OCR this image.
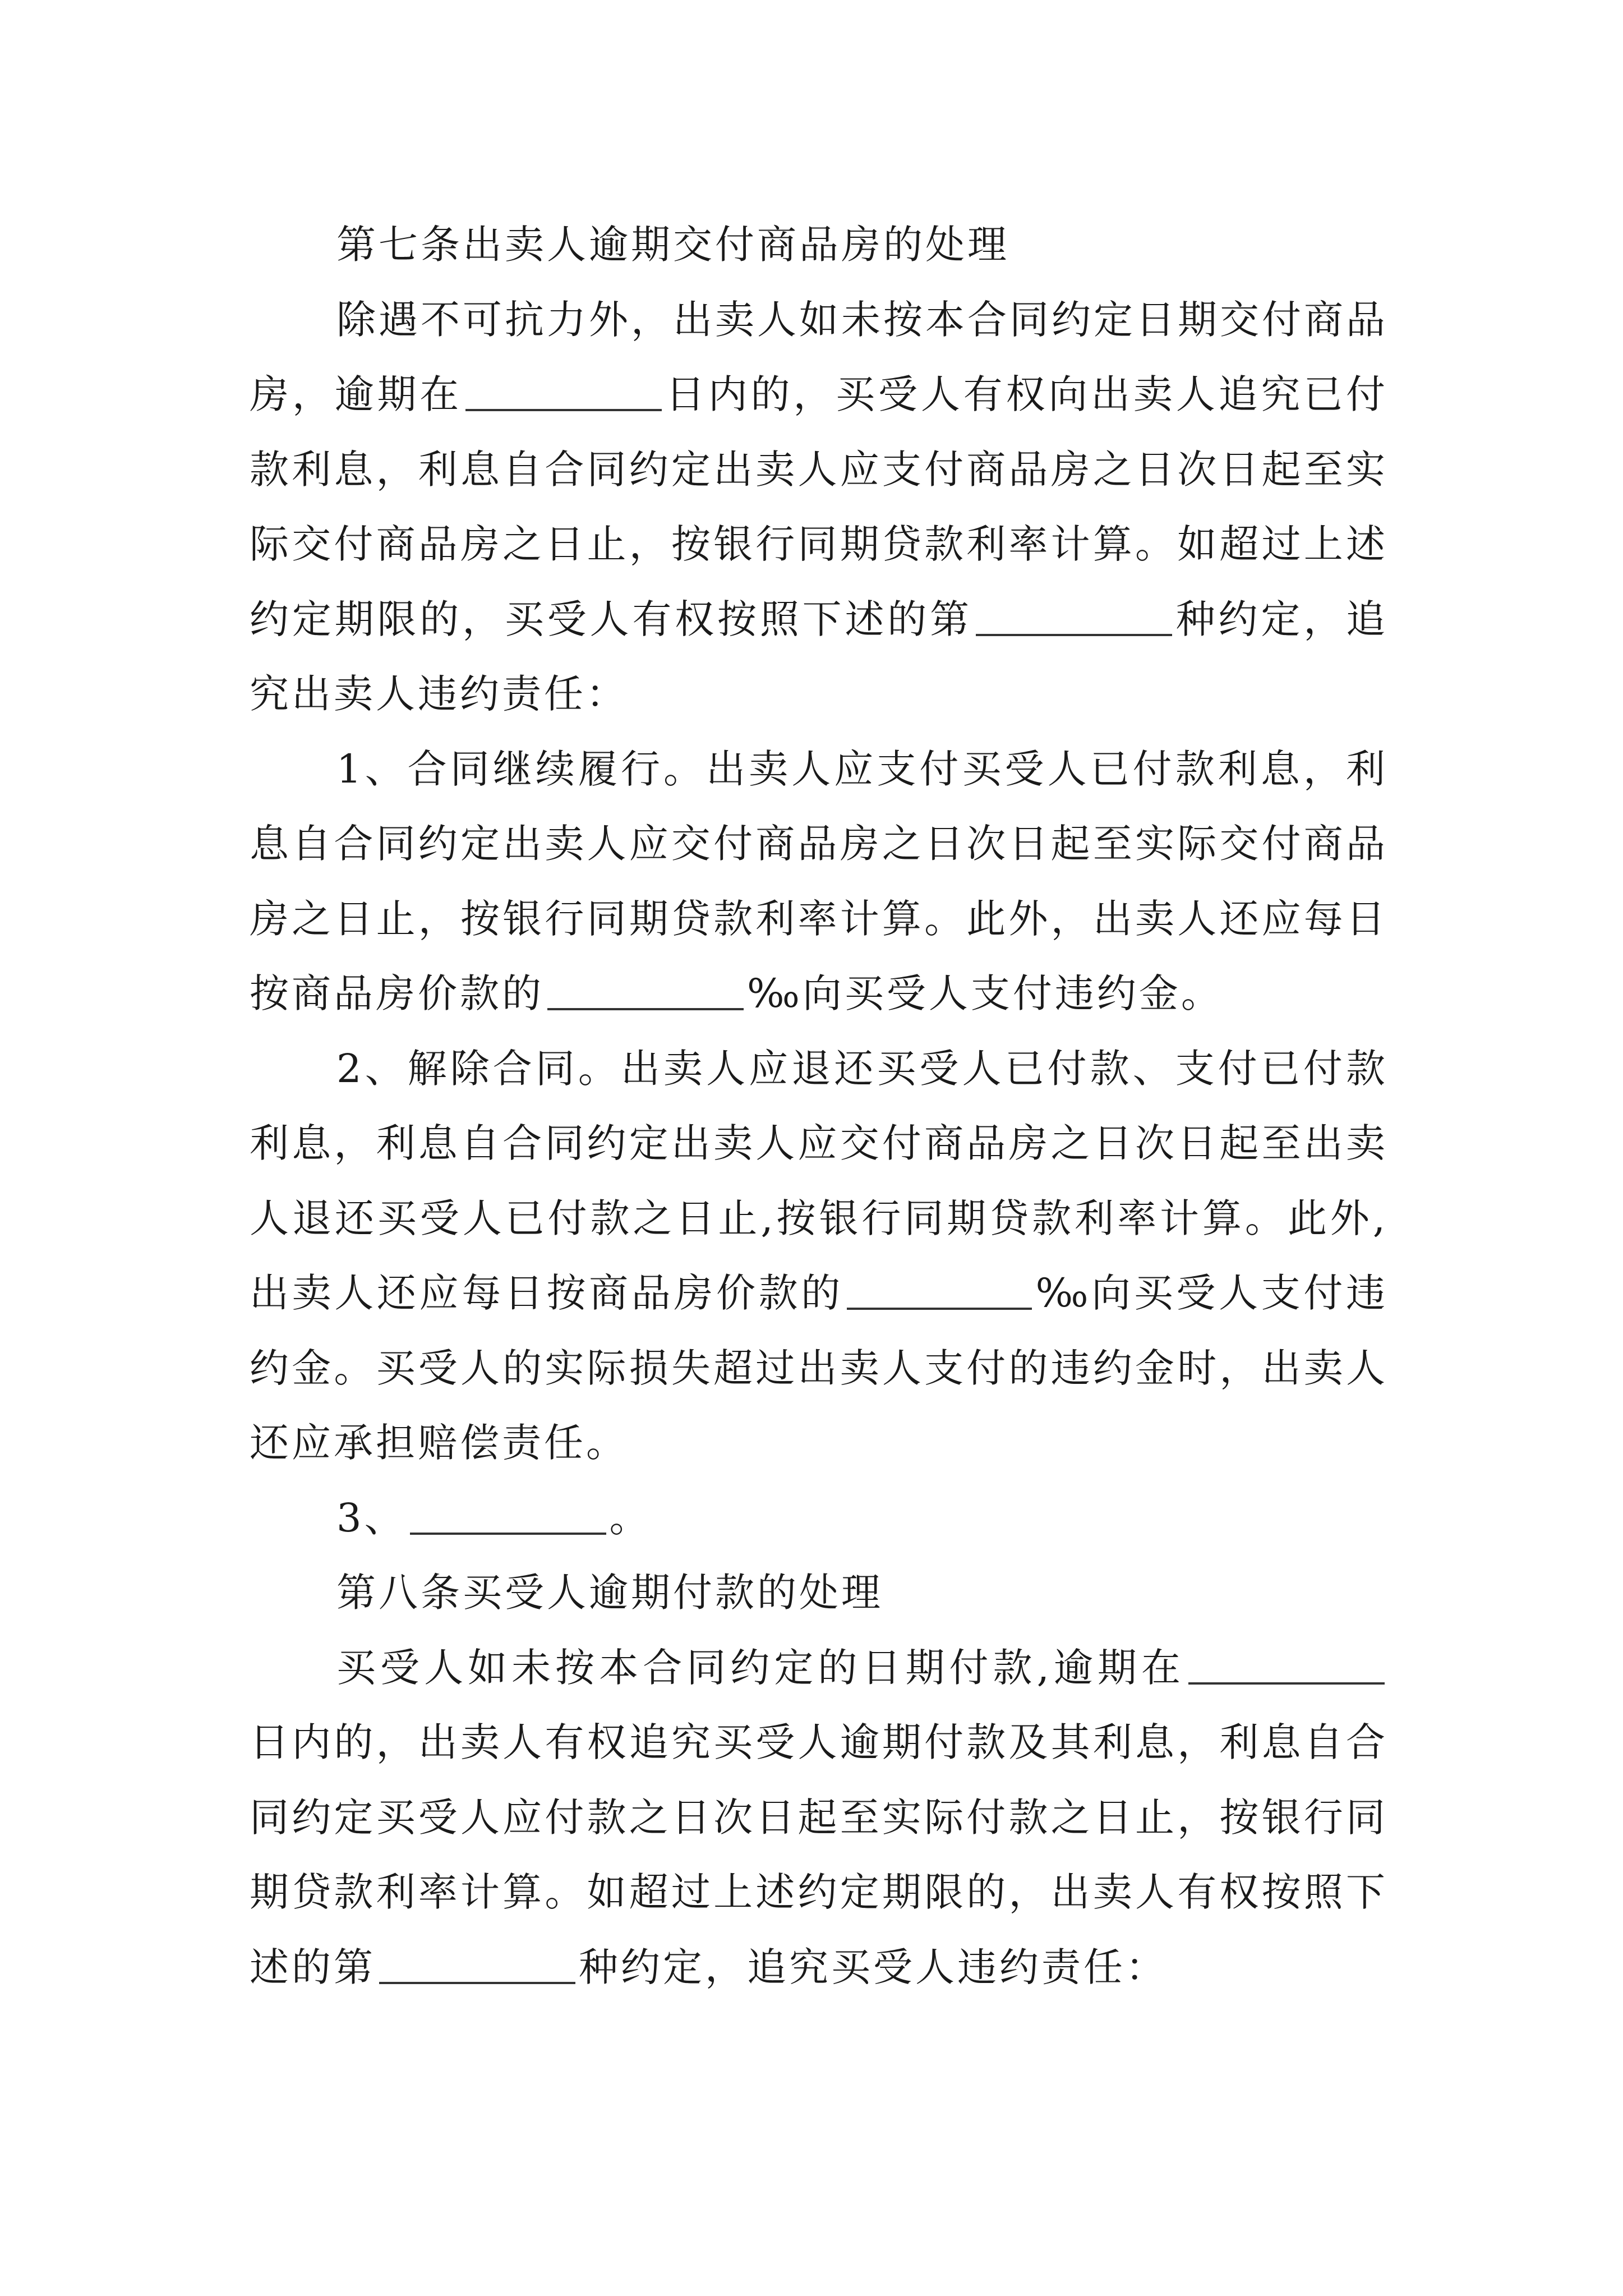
第七条出卖人逾期交付商品房的处理

除遇不可抗力外，出卖人如未按本合同约定日期交付商品房，逾期在	日内的，买受人有权向出卖人追究已付款利息，利息自合同约定出卖人应支付商品房之日次日起至实际交付商品房之日止，按银行同期贷款利率计算。如超过上述约定期限的，买受人有权按照下述的第	种约定，追究出卖人违约责任：

1、合同继续履行。出卖人应支付买受人已付款利息，利息自合同约定出卖人应交付商品房之日次日起至实际交付商品房之日止，按银行同期贷款利率计算。此外，出卖人还应每日按商品房价款的	‰向买受人支付违约金。

2、解除合同。出卖人应退还买受人已付款、支付已付款利息，利息自合同约定出卖人应交付商品房之日次日起至出卖人退还买受人已付款之日止,按银行同期贷款利率计算。此外,出卖人还应每日按商品房价款的	‰向买受人支付违约金。买受人的实际损失超过出卖人支付的违约金时，出卖人还应承担赔偿责任。

3、	。

第八条买受人逾期付款的处理

买受人如未按本合同约定的日期付款,逾期在日内的，出卖人有权追究买受人逾期付款及其利息，利息自合同约定买受人应付款之日次日起至实际付款之日止，按银行同期贷款利率计算。如超过上述约定期限的，出卖人有权按照下述的第	种约定，追究买受人违约责任：
